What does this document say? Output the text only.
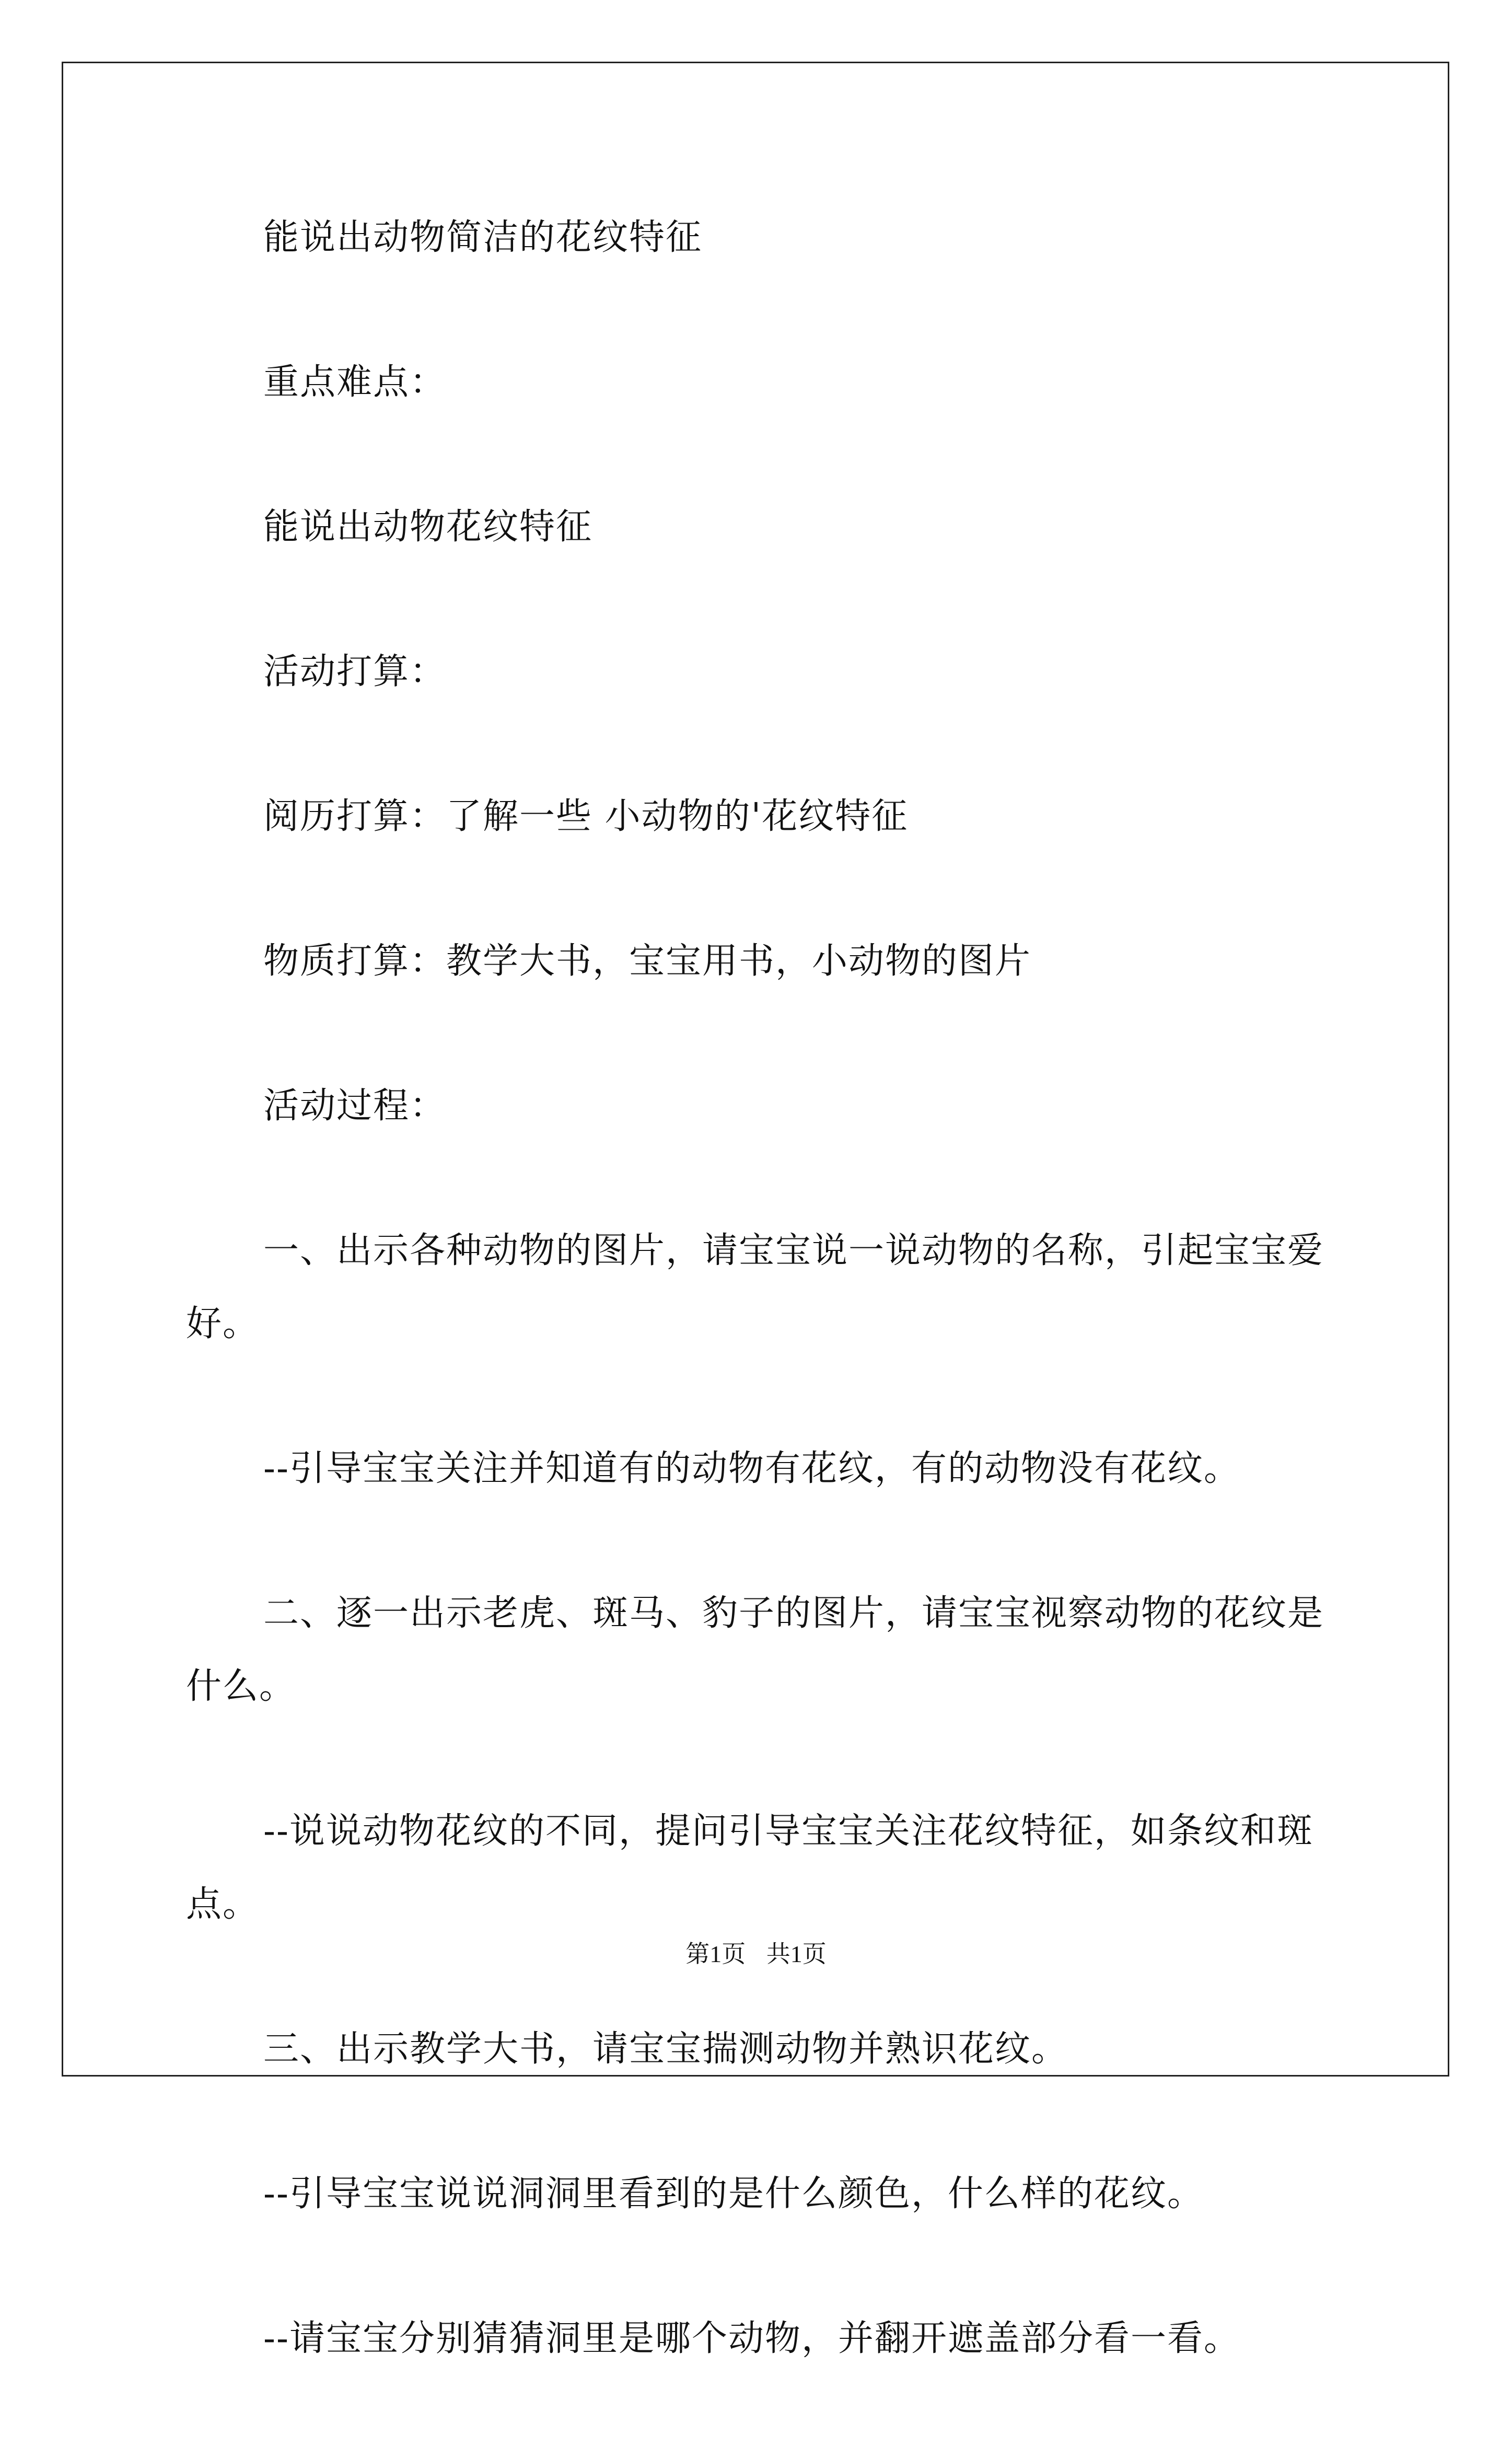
能说出动物简洁的花纹特征

重点难点：

能说出动物花纹特征

活动打算：

阅历打算：了解一些 小动物的'花纹特征

物质打算：教学大书，宝宝用书，小动物的图片

活动过程：

一、出示各种动物的图片，请宝宝说一说动物的名称，引起宝宝爱好。

--引导宝宝关注并知道有的动物有花纹，有的动物没有花纹。

二、逐一出示老虎、斑马、豹子的图片，请宝宝视察动物的花纹是什么。

--说说动物花纹的不同，提问引导宝宝关注花纹特征，如条纹和斑点。

三、出示教学大书，请宝宝揣测动物并熟识花纹。

--引导宝宝说说洞洞里看到的是什么颜色，什么样的花纹。

--请宝宝分别猜猜洞里是哪个动物，并翻开遮盖部分看一看。

第1页 共1页
